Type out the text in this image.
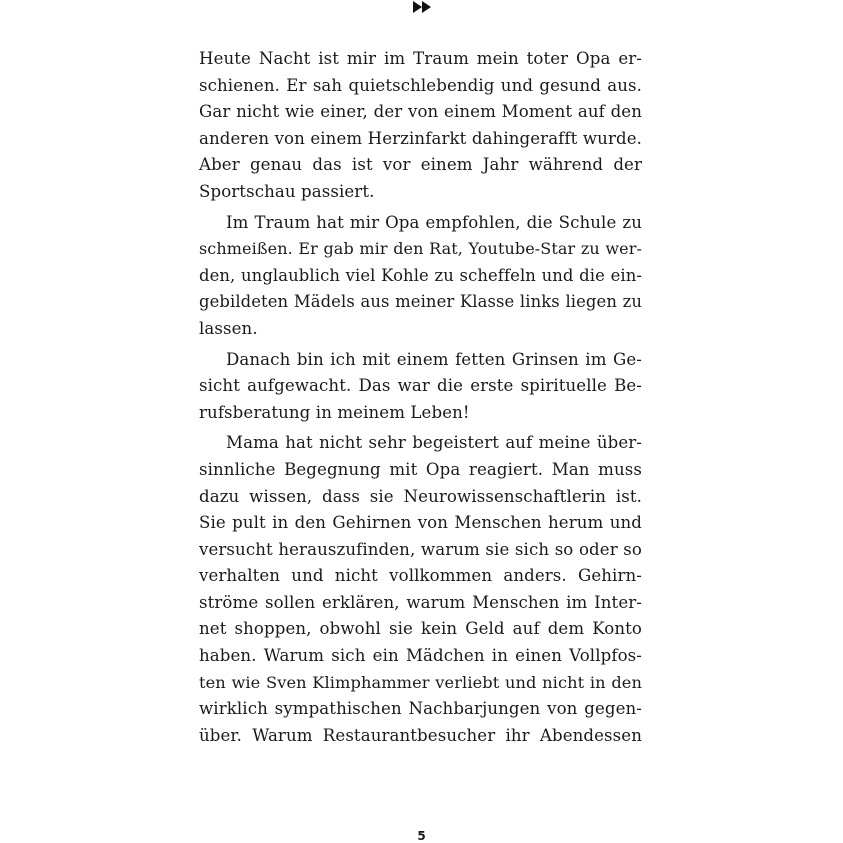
Heute Nacht ist mir im Traum mein toter Opa er-
schienen. Er sah quietschlebendig und gesund aus.
Gar nicht wie einer, der von einem Moment auf den
anderen von einem Herzinfarkt dahingerafft wurde.
Aber genau das ist vor einem Jahr während der
Sportschau passiert.
Im Traum hat mir Opa empfohlen, die Schule zu
schmeißen. Er gab mir den Rat, Youtube-Star zu wer-
den, unglaublich viel Kohle zu scheffeln und die ein-
gebildeten Mädels aus meiner Klasse links liegen zu
lassen.
Danach bin ich mit einem fetten Grinsen im Ge-
sicht aufgewacht. Das war die erste spirituelle Be-
rufsberatung in meinem Leben!
Mama hat nicht sehr begeistert auf meine über-
sinnliche Begegnung mit Opa reagiert. Man muss
dazu wissen, dass sie Neurowissenschaftlerin ist.
Sie pult in den Gehirnen von Menschen herum und
versucht herauszufinden, warum sie sich so oder so
verhalten und nicht vollkommen anders. Gehirn-
ströme sollen erklären, warum Menschen im Inter-
net shoppen, obwohl sie kein Geld auf dem Konto
haben. Warum sich ein Mädchen in einen Vollpfos-
ten wie Sven Klimphammer verliebt und nicht in den
wirklich sympathischen Nachbarjungen von gegen-
über. Warum Restaurantbesucher ihr Abendessen
5
